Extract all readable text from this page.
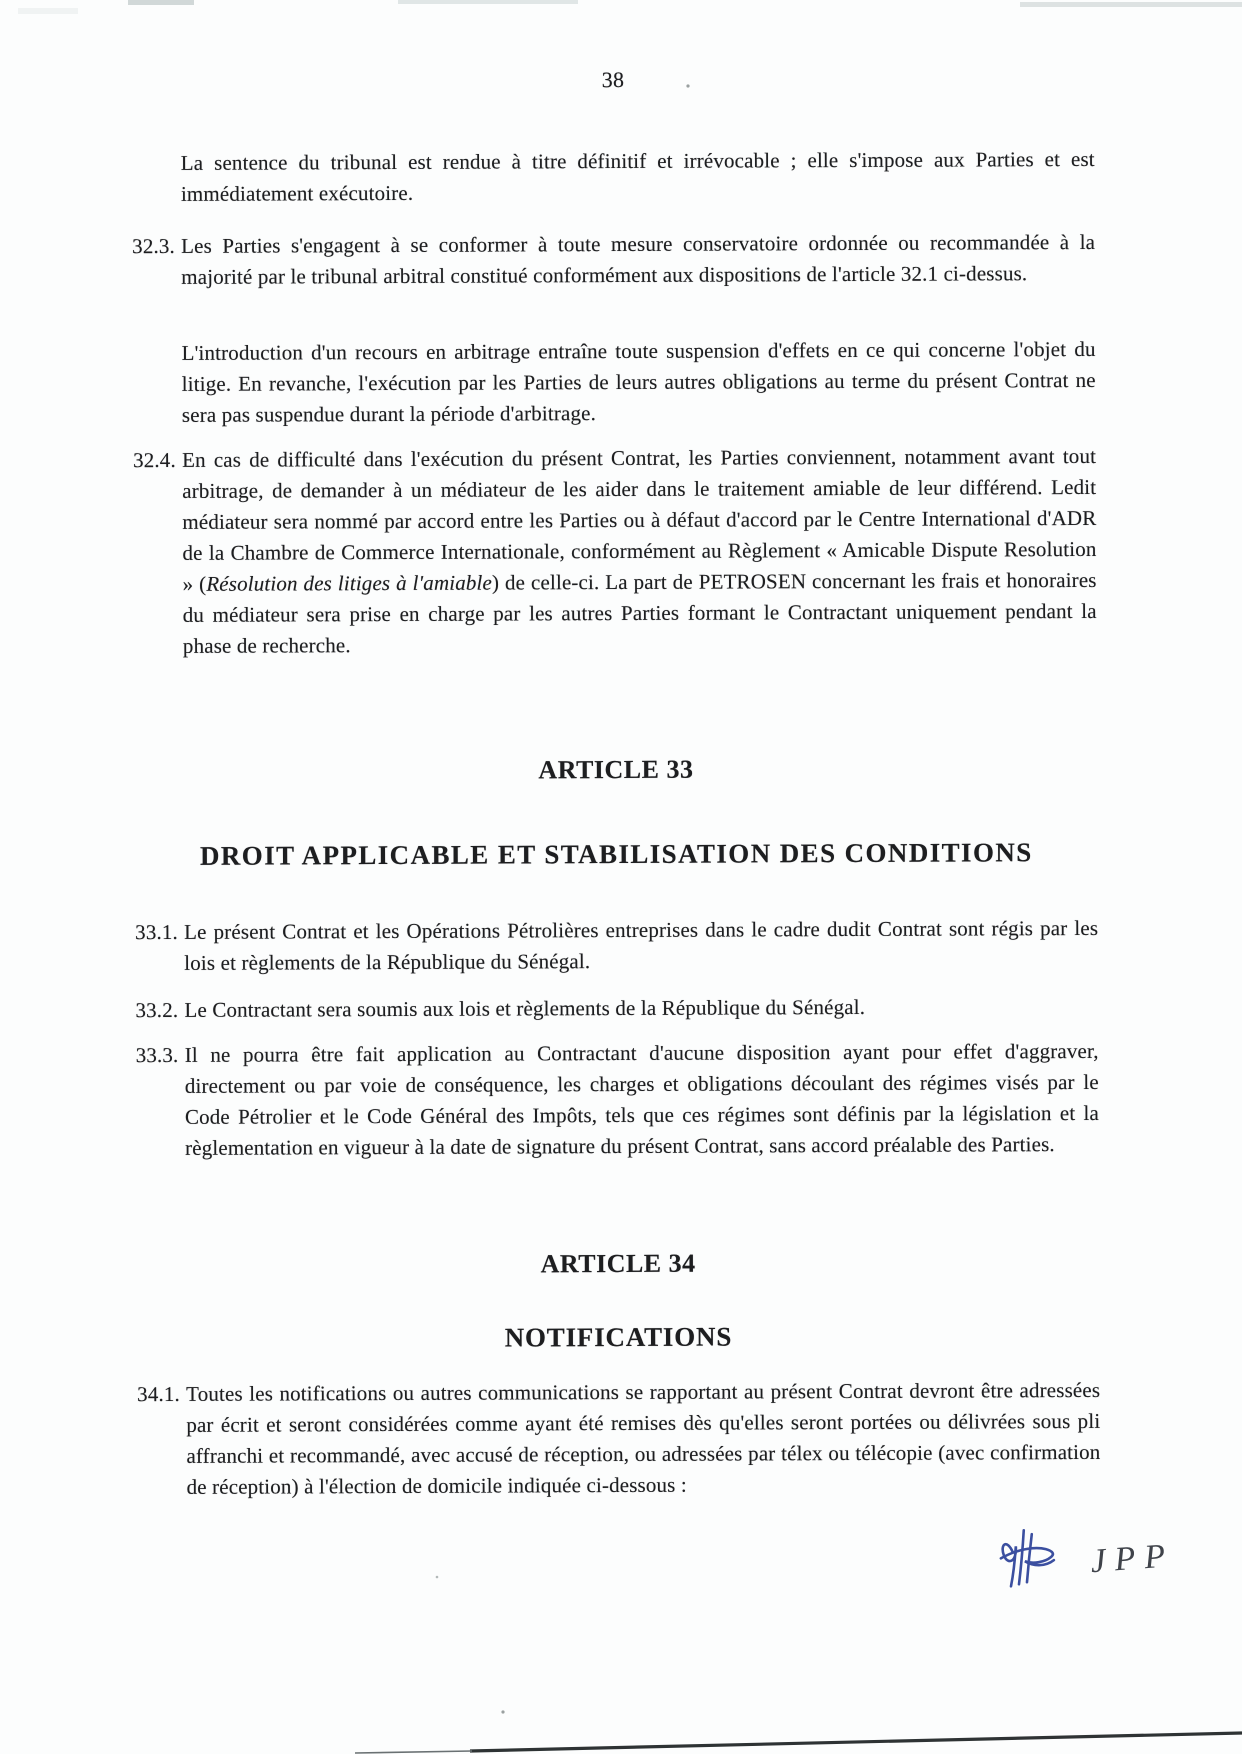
38

La sentence du tribunal est rendue à titre définitif et irrévocable ; elle s'impose aux Parties et est immédiatement exécutoire.

32.3. Les Parties s'engagent à se conformer à toute mesure conservatoire ordonnée ou recommandée à la majorité par le tribunal arbitral constitué conformément aux dispositions de l'article 32.1 ci-dessus.

L'introduction d'un recours en arbitrage entraîne toute suspension d'effets en ce qui concerne l'objet du litige. En revanche, l'exécution par les Parties de leurs autres obligations au terme du présent Contrat ne sera pas suspendue durant la période d'arbitrage.

32.4. En cas de difficulté dans l'exécution du présent Contrat, les Parties conviennent, notamment avant tout arbitrage, de demander à un médiateur de les aider dans le traitement amiable de leur différend. Ledit médiateur sera nommé par accord entre les Parties ou à défaut d'accord par le Centre International d'ADR de la Chambre de Commerce Internationale, conformément au Règlement « Amicable Dispute Resolution » (Résolution des litiges à l'amiable) de celle-ci. La part de PETROSEN concernant les frais et honoraires du médiateur sera prise en charge par les autres Parties formant le Contractant uniquement pendant la phase de recherche.

ARTICLE 33
DROIT APPLICABLE ET STABILISATION DES CONDITIONS
33.1. Le présent Contrat et les Opérations Pétrolières entreprises dans le cadre dudit Contrat sont régis par les lois et règlements de la République du Sénégal.

33.2. Le Contractant sera soumis aux lois et règlements de la République du Sénégal.

33.3. Il ne pourra être fait application au Contractant d'aucune disposition ayant pour effet d'aggraver, directement ou par voie de conséquence, les charges et obligations découlant des régimes visés par le Code Pétrolier et le Code Général des Impôts, tels que ces régimes sont définis par la législation et la règlementation en vigueur à la date de signature du présent Contrat, sans accord préalable des Parties.

ARTICLE 34
NOTIFICATIONS
34.1. Toutes les notifications ou autres communications se rapportant au présent Contrat devront être adressées par écrit et seront considérées comme ayant été remises dès qu'elles seront portées ou délivrées sous pli affranchi et recommandé, avec accusé de réception, ou adressées par télex ou télécopie (avec confirmation de réception) à l'élection de domicile indiquée ci-dessous :

JPP
